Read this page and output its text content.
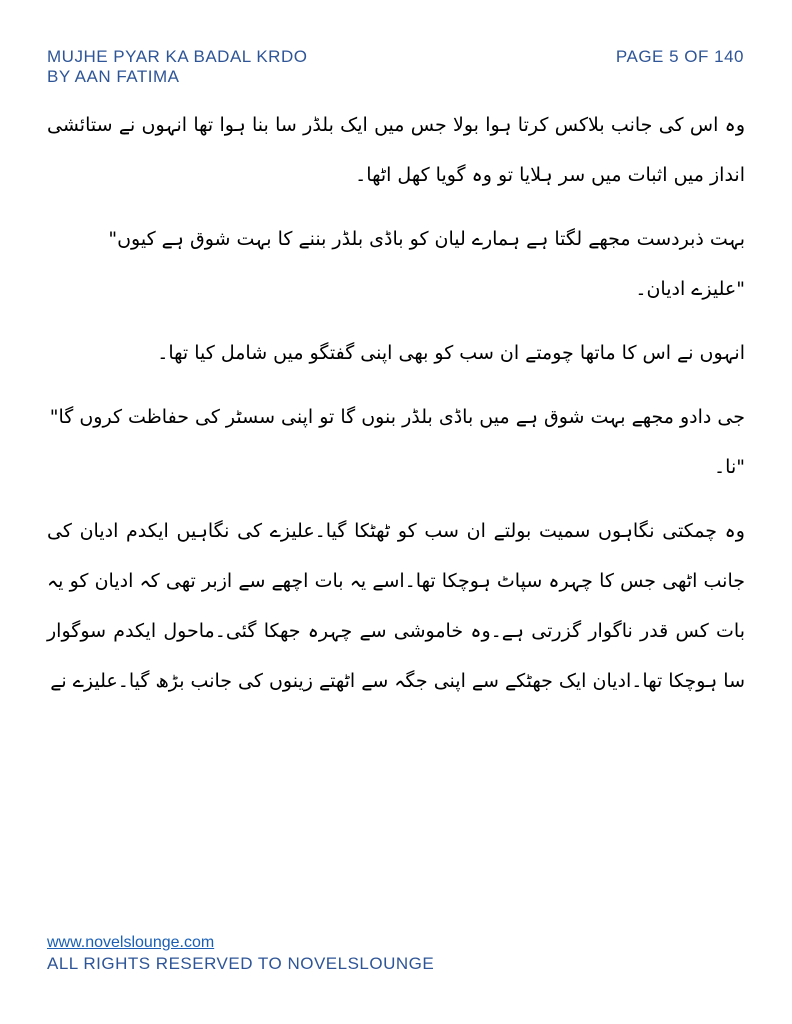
MUJHE PYAR KA BADAL KRDO
BY AAN FATIMA
PAGE 5 OF 140

وہ اس کی جانب بلاکس کرتا ہوا بولا جس میں ایک بلڈر سا بنا ہوا تھا انہوں نے ستائشی انداز میں اثبات میں سر ہلایا تو وہ گویا کھل اٹھا۔

بہت ذبردست مجھے لگتا ہے ہمارے لیان کو باڈی بلڈر بننے کا بہت شوق ہے کیوں"

"علیزے ادیان۔

انہوں نے اس کا ماتھا چومتے ان سب کو بھی اپنی گفتگو میں شامل کیا تھا۔

جی دادو مجھے بہت شوق ہے میں باڈی بلڈر بنوں گا تو اپنی سسٹر کی حفاظت کروں گا"

"نا۔

وہ چمکتی نگاہوں سمیت بولتے ان سب کو ٹھٹکا گیا۔علیزے کی نگاہیں ایکدم ادیان کی جانب اٹھی جس کا چہرہ سپاٹ ہوچکا تھا۔اسے یہ بات اچھے سے ازبر تھی کہ ادیان کو یہ بات کس قدر ناگوار گزرتی ہے۔وہ خاموشی سے چہرہ جھکا گئی۔ماحول ایکدم سوگوار سا ہوچکا تھا۔ادیان ایک جھٹکے سے اپنی جگہ سے اٹھتے زینوں کی جانب بڑھ گیا۔علیزے نے

www.novelslounge.com
ALL RIGHTS RESERVED TO NOVELSLOUNGE
